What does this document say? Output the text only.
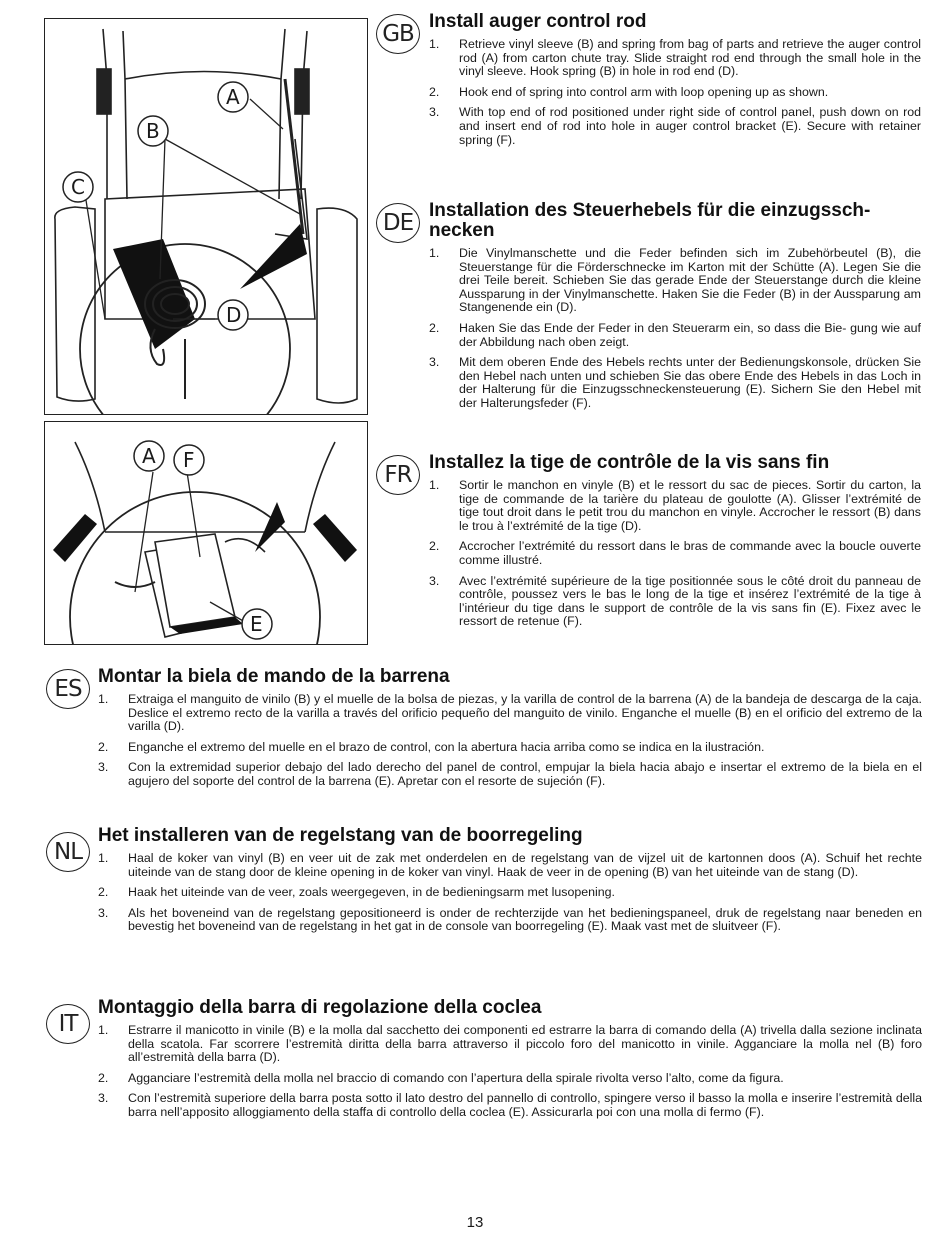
A
B
C
D
A F
E
GB Install auger control rod
1. Retrieve vinyl sleeve (B) and spring from bag of parts and retrieve the auger control rod (A) from carton chute tray. Slide straight rod end through the small hole in the vinyl sleeve. Hook spring (B) in hole in rod end (D).
2. Hook end of spring into control arm with loop opening up as shown.
3. With top end of rod positioned under right side of control panel, push down on rod and insert end of rod into hole in auger control bracket (E). Secure with retainer spring (F).
DE Installation des Steuerhebels für die einzugssch- necken
1. Die Vinylmanschette und die Feder befinden sich im Zubehörbeutel (B), die Steuerstange für die Förderschnecke im Karton mit der Schütte (A). Legen Sie die drei Teile bereit. Schieben Sie das gerade Ende der Steuerstange durch die kleine Aussparung in der Vinylmanschette. Haken Sie die Feder (B) in der Aussparung am Stangenende ein (D).
2. Haken Sie das Ende der Feder in den Steuerarm ein, so dass die Bie- gung wie auf der Abbildung nach oben zeigt.
3. Mit dem oberen Ende des Hebels rechts unter der Bedienungskonsole, drücken Sie den Hebel nach unten und schieben Sie das obere Ende des Hebels in das Loch in der Halterung für die Einzugsschneckensteuerung (E). Sichern Sie den Hebel mit der Halterungsfeder (F).
FR Installez la tige de contrôle de la vis sans fin
1. Sortir le manchon en vinyle (B) et le ressort du sac de pieces. Sortir du carton, la tige de commande de la tarière du plateau de goulotte (A). Glisser l’extrémité de tige tout droit dans le petit trou du manchon en vinyle. Accrocher le ressort (B) dans le trou à l’extrémité de la tige (D).
2. Accrocher l’extrémité du ressort dans le bras de commande avec la boucle ouverte comme illustré.
3. Avec l’extrémité supérieure de la tige positionnée sous le côté droit du panneau de contrôle, poussez vers le bas le long de la tige et insérez l’extrémité de la tige à l’intérieur du tige dans le support de contrôle de la vis sans fin (E). Fixez avec le ressort de retenue (F).
ES Montar la biela de mando de la barrena
1. Extraiga el manguito de vinilo (B) y el muelle de la bolsa de piezas, y la varilla de control de la barrena (A) de la bandeja de descarga de la caja. Deslice el extremo recto de la varilla a través del orificio pequeño del manguito de vinilo. Enganche el muelle (B) en el orificio del extremo de la varilla (D).
2. Enganche el extremo del muelle en el brazo de control, con la abertura hacia arriba como se indica en la ilustración.
3. Con la extremidad superior debajo del lado derecho del panel de control, empujar la biela hacia abajo e insertar el extremo de la biela en el agujero del soporte del control de la barrena (E). Apretar con el resorte de sujeción (F).
NL
Het installeren van de regelstang van de boorregeling
1. Haal de koker van vinyl (B) en veer uit de zak met onderdelen en de regelstang van de vijzel uit de kartonnen doos (A). Schuif het rechte uiteinde van de stang door de kleine opening in de koker van vinyl. Haak de veer in de opening (B) van het uiteinde van de stang (D).
2. Haak het uiteinde van de veer, zoals weergegeven, in de bedieningsarm met lusopening.
3. Als het boveneind van de regelstang gepositioneerd is onder de rechterzijde van het bedieningspaneel, druk de regelstang naar beneden en bevestig het boveneind van de regelstang in het gat in de console van boorregeling (E). Maak vast met de sluitveer (F).
IT
Montaggio della barra di regolazione della coclea
1. Estrarre il manicotto in vinile (B) e la molla dal sacchetto dei componenti ed estrarre la barra di comando della (A) trivella dalla sezione inclinata della scatola. Far scorrere l’estremità diritta della barra attraverso il piccolo foro del manicotto in vinile. Agganciare la molla nel (B) foro all’estremità della barra (D).
2. Agganciare l’estremità della molla nel braccio di comando con l’apertura della spirale rivolta verso l’alto, come da figura.
3. Con l’estremità superiore della barra posta sotto il lato destro del pannello di controllo, spingere verso il basso la molla e inserire l’estremità della barra nell’apposito alloggiamento della staffa di controllo della coclea (E). Assicurarla poi con una molla di fermo (F).
13
